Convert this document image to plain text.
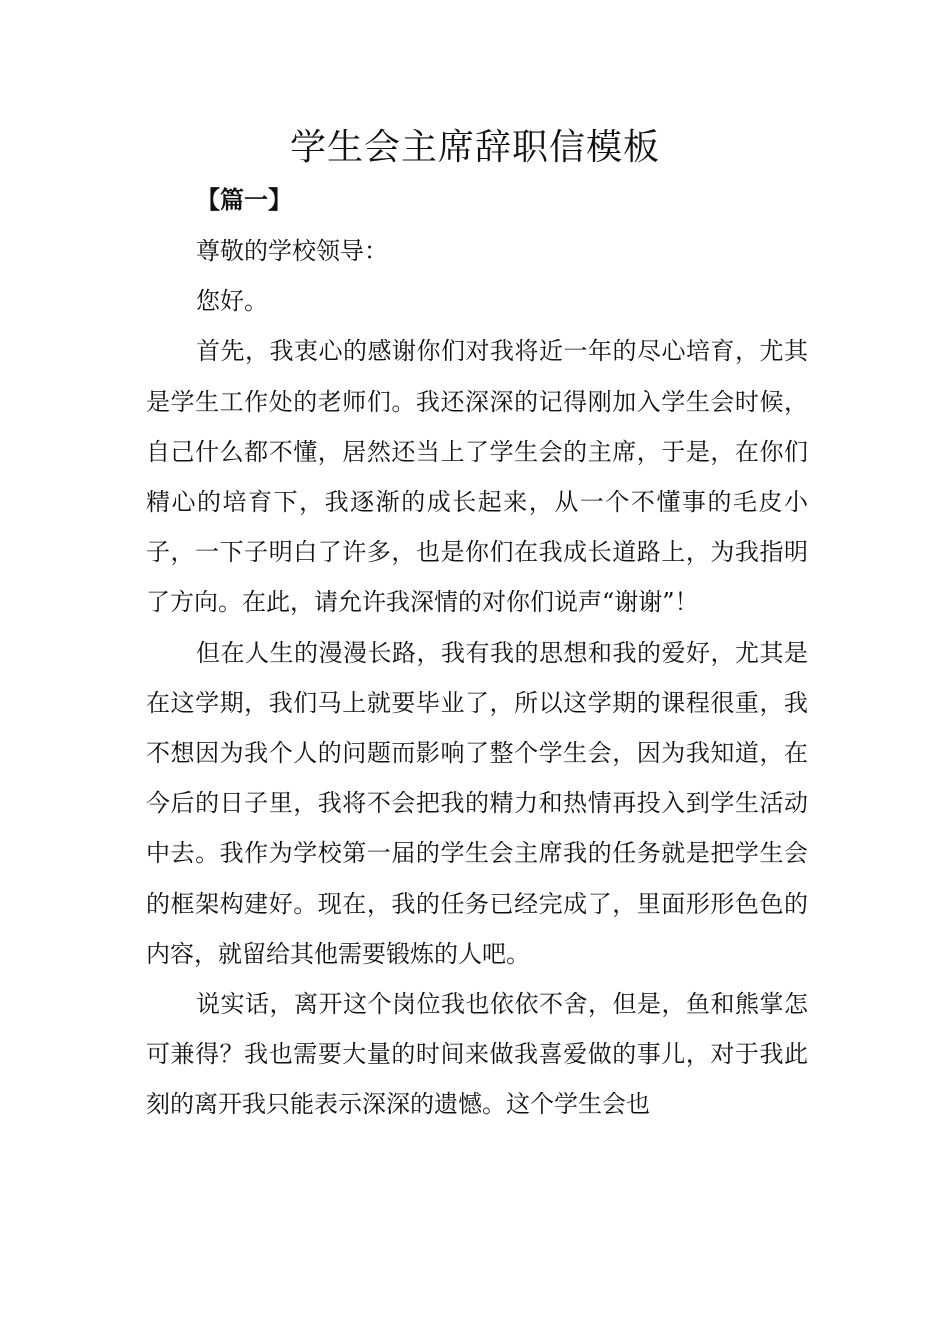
学生会主席辞职信模板
【篇一】

尊敬的学校领导：

您好。

首先，我衷心的感谢你们对我将近一年的尽心培育，尤其是学生工作处的老师们。我还深深的记得刚加入学生会时候，自己什么都不懂，居然还当上了学生会的主席，于是，在你们精心的培育下，我逐渐的成长起来，从一个不懂事的毛皮小子，一下子明白了许多，也是你们在我成长道路上，为我指明了方向。在此，请允许我深情的对你们说声“谢谢”！

但在人生的漫漫长路，我有我的思想和我的爱好，尤其是在这学期，我们马上就要毕业了，所以这学期的课程很重，我不想因为我个人的问题而影响了整个学生会，因为我知道，在今后的日子里，我将不会把我的精力和热情再投入到学生活动中去。我作为学校第一届的学生会主席我的任务就是把学生会的框架构建好。现在，我的任务已经完成了，里面形形色色的内容，就留给其他需要锻炼的人吧。

说实话，离开这个岗位我也依依不舍，但是，鱼和熊掌怎可兼得？我也需要大量的时间来做我喜爱做的事儿，对于我此刻的离开我只能表示深深的遗憾。这个学生会也
